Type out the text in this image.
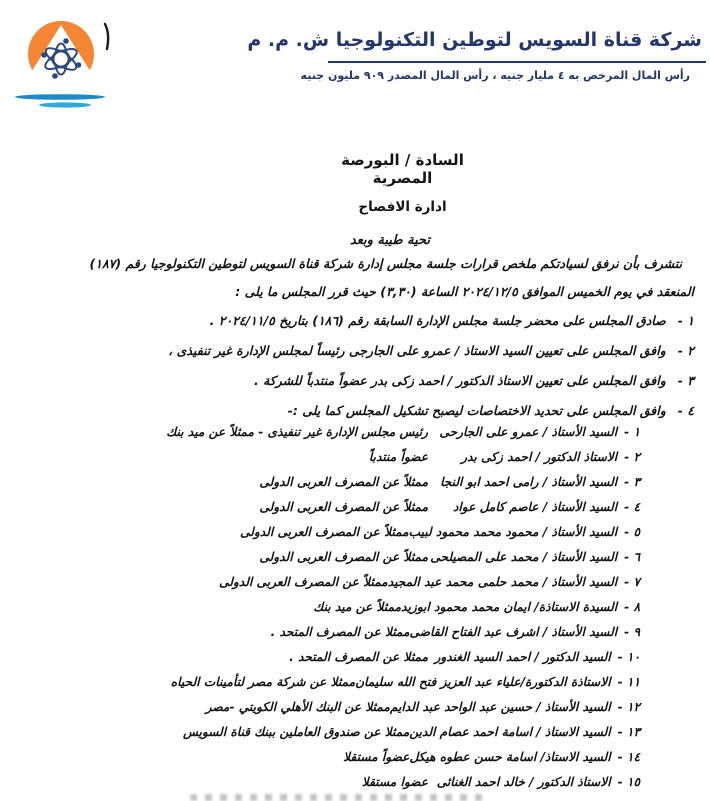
شركة قناة السويس لتوطين التكنولوجيا ش. م. م
رأس المال المرخص به ٤ مليار جنيه ، رأس المال المصدر ٩٠٩ مليون جنيه
السادة / البورصة المصرية
ادارة الافصاح
تحية طيبة وبعد
نتشرف بأن نرفق لسيادتكم ملخص قرارات جلسة مجلس إدارة شركة قناة السويس لتوطين التكنولوجيا رقم (١٨٧)
المنعقد في يوم الخميس الموافق ٢٠٢٤/١٢/٥ الساعة (٣,٣٠) حيث قرر المجلس ما يلى :
١ -صادق المجلس على محضر جلسة مجلس الإدارة السابقة رقم (١٨٦) بتاريخ ٢٠٢٤/١١/٥ .
٢ -وافق المجلس على تعيين السيد الاستاذ / عمرو على الجارجى رئيساً لمجلس الإدارة غير تنفيذى ،
٣ -وافق المجلس على تعيين الاستاذ الدكتور / احمد زكى بدر عضواً منتدباً للشركة .
٤ -وافق المجلس على تحديد الاختصاصات ليصبح تشكيل المجلس كما يلى :-
١ -السيد الأستاذ / عمرو على الجارحى
رئيس مجلس الإدارة غير تنفيذى - ممثلاً عن ميد بنك
٢ -الاستاذ الدكتور / احمد زكى بدر
عضواً منتدباً
٣ -السيد الأستاذ / رامى احمد ابو النجا
ممثلاً عن المصرف العربى الدولى
٤ -السيد الأستاذ / عاصم كامل عواد
ممثلاً عن المصرف العربى الدولى
٥ -السيد الأستاذ / محمود محمد محمود لبيب
ممثلاً عن المصرف العربى الدولى
٦ -السيد الأستاذ / محمد على المصيلحى
ممثلاً عن المصرف العربى الدولى
٧ -السيد الأستاذ / محمد حلمى محمد عبد المجيد
ممثلاً عن المصرف العربى الدولى
٨ -السيدة الاستاذة/ ايمان محمد محمود ابوزيد
ممثلاً عن ميد بنك
٩ -السيد الأستاذ / اشرف عبد الفتاح القاضى
ممثلا عن المصرف المتحد .
١٠ -السيد الدكتور / احمد السيد الغندور
ممثلا عن المصرف المتحد .
١١ -الاستاذة الدكتورة/علياء عبد العزيز فتح الله سليمان
ممثلا عن شركة مصر لتأمينات الحياه
١٢ -السيد الأستاذ / حسين عبد الواحد عبد الدايم
ممثلا عن البنك الأهلي الكويتي -مصر
١٣ -السيد الاستاذ / اسامة احمد عصام الدين
ممثلا عن صندوق العاملين ببنك قناة السويس
١٤ -السيد الاستاذ/ اسامة حسن عطوه هيكل
عضواً مستقلا
١٥ -الاستاذ الدكتور / خالد احمد الغنائى
عضوا مستقلا
